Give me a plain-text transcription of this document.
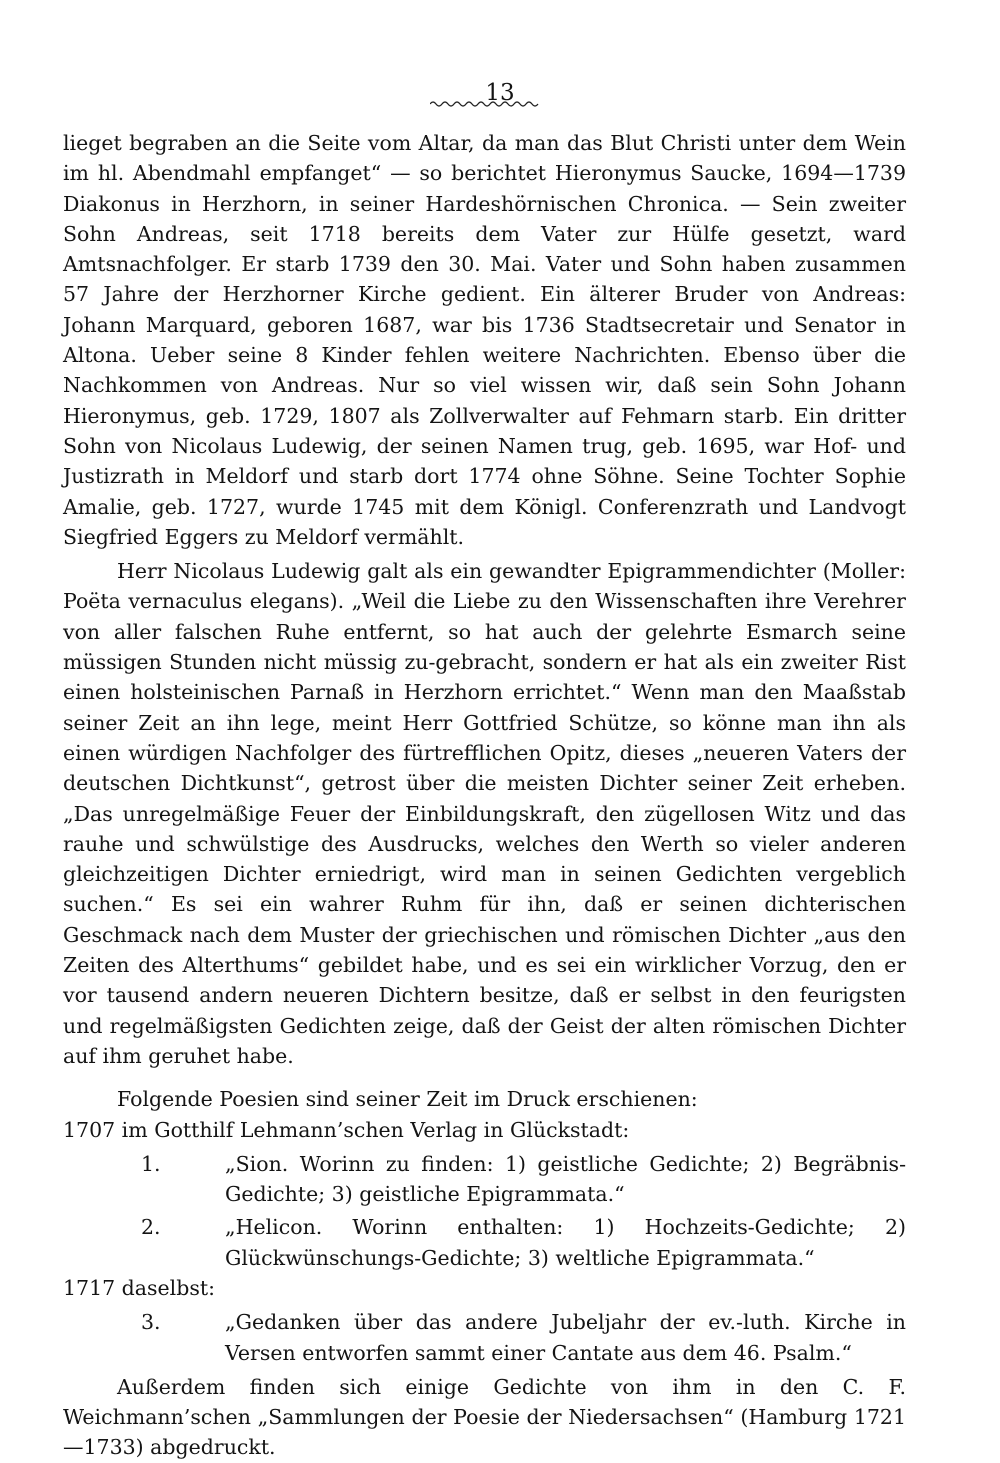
13

lieget begraben an die Seite vom Altar, da man das Blut Christi unter dem Wein im hl. Abendmahl empfanget“ — so berichtet Hieronymus Saucke, 1694—1739 Diakonus in Herzhorn, in seiner Hardeshörnischen Chronica. — Sein zweiter Sohn Andreas, seit 1718 bereits dem Vater zur Hülfe gesetzt, ward Amtsnachfolger. Er starb 1739 den 30. Mai. Vater und Sohn haben zusammen 57 Jahre der Herzhorner Kirche gedient. Ein älterer Bruder von Andreas: Johann Marquard, geboren 1687, war bis 1736 Stadtsecretair und Senator in Altona. Ueber seine 8 Kinder fehlen weitere Nachrichten. Ebenso über die Nachkommen von Andreas. Nur so viel wissen wir, daß sein Sohn Johann Hieronymus, geb. 1729, 1807 als Zollverwalter auf Fehmarn starb. Ein dritter Sohn von Nicolaus Ludewig, der seinen Namen trug, geb. 1695, war Hof- und Justizrath in Meldorf und starb dort 1774 ohne Söhne. Seine Tochter Sophie Amalie, geb. 1727, wurde 1745 mit dem Königl. Conferenzrath und Landvogt Siegfried Eggers zu Meldorf vermählt.

Herr Nicolaus Ludewig galt als ein gewandter Epigrammendichter (Moller: Poëta vernaculus elegans). „Weil die Liebe zu den Wissenschaften ihre Verehrer von aller falschen Ruhe entfernt, so hat auch der gelehrte Esmarch seine müssigen Stunden nicht müssig zu-gebracht, sondern er hat als ein zweiter Rist einen holsteinischen Parnaß in Herzhorn errichtet.“ Wenn man den Maaßstab seiner Zeit an ihn lege, meint Herr Gottfried Schütze, so könne man ihn als einen würdigen Nachfolger des fürtrefflichen Opitz, dieses „neueren Vaters der deutschen Dichtkunst“, getrost über die meisten Dichter seiner Zeit erheben. „Das unregelmäßige Feuer der Einbildungskraft, den zügellosen Witz und das rauhe und schwülstige des Ausdrucks, welches den Werth so vieler anderen gleichzeitigen Dichter erniedrigt, wird man in seinen Gedichten vergeblich suchen.“ Es sei ein wahrer Ruhm für ihn, daß er seinen dichterischen Geschmack nach dem Muster der griechischen und römischen Dichter „aus den Zeiten des Alterthums“ gebildet habe, und es sei ein wirklicher Vorzug, den er vor tausend andern neueren Dichtern besitze, daß er selbst in den feurigsten und regelmäßigsten Gedichten zeige, daß der Geist der alten römischen Dichter auf ihm geruhet habe.

Folgende Poesien sind seiner Zeit im Druck erschienen:

1707 im Gotthilf Lehmann’schen Verlag in Glückstadt:

1.	„Sion. Worinn zu finden: 1) geistliche Gedichte; 2) Begräbnis-Gedichte; 3) geistliche Epigrammata.“
2.	„Helicon. Worinn enthalten: 1) Hochzeits-Gedichte; 2) Glückwünschungs-Gedichte; 3) weltliche Epigrammata.“

1717 daselbst:

3.	„Gedanken über das andere Jubeljahr der ev.-luth. Kirche in Versen entworfen sammt einer Cantate aus dem 46. Psalm.“

Außerdem finden sich einige Gedichte von ihm in den C. F. Weichmann’schen „Sammlungen der Poesie der Niedersachsen“ (Hamburg 1721—1733) abgedruckt.
